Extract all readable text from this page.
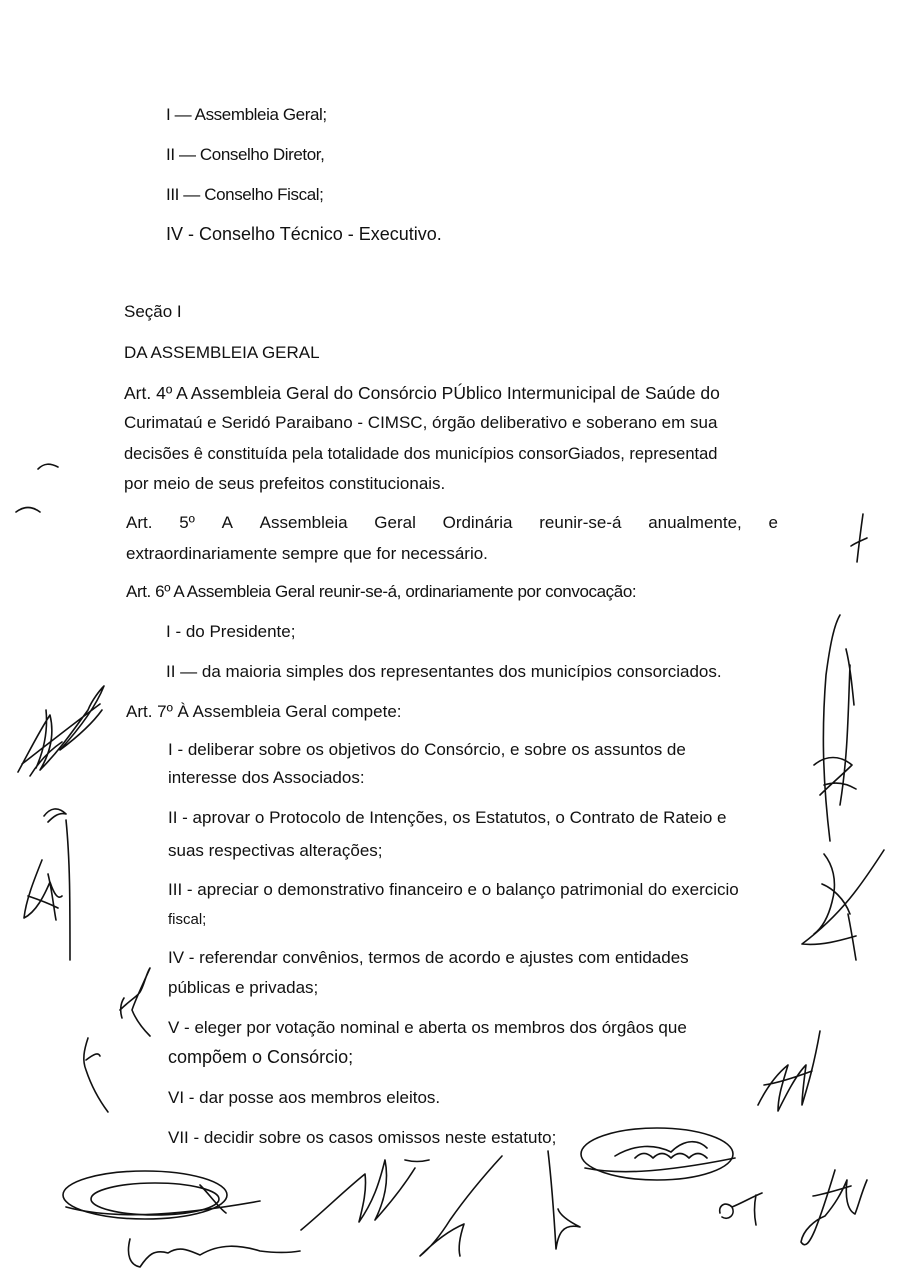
I — Assembleia Geral;
II — Conselho Diretor,
III — Conselho Fiscal;
IV - Conselho Técnico - Executivo.
Seção I
DA ASSEMBLEIA GERAL
Art. 4º A Assembleia Geral do Consórcio PÚblico Intermunicipal de Saúde do
Curimataú e Seridó Paraibano - CIMSC, órgão deliberativo e soberano em sua
decisões ê constituída pela totalidade dos municípios consorGiados, representad
por meio de seus prefeitos constitucionais.
Art. 5º A Assembleia Geral Ordinária reunir-se-á anualmente, e
extraordinariamente sempre que for necessário.
Art. 6º A Assembleia Geral reunir-se-á, ordinariamente por convocação:
I - do Presidente;
II — da maioria simples dos representantes dos municípios consorciados.
Art. 7º À Assembleia Geral compete:
I - deliberar sobre os objetivos do Consórcio, e sobre os assuntos de
interesse dos Associados:
II - aprovar o Protocolo de Intenções, os Estatutos, o Contrato de Rateio e
suas respectivas alterações;
III - apreciar o demonstrativo financeiro e o balanço patrimonial do exercicio
fiscal;
IV - referendar convênios, termos de acordo e ajustes com entidades
públicas e privadas;
V - eleger por votação nominal e aberta os membros dos órgâos que
compõem o Consórcio;
VI - dar posse aos membros eleitos.
VII - decidir sobre os casos omissos neste estatuto;
